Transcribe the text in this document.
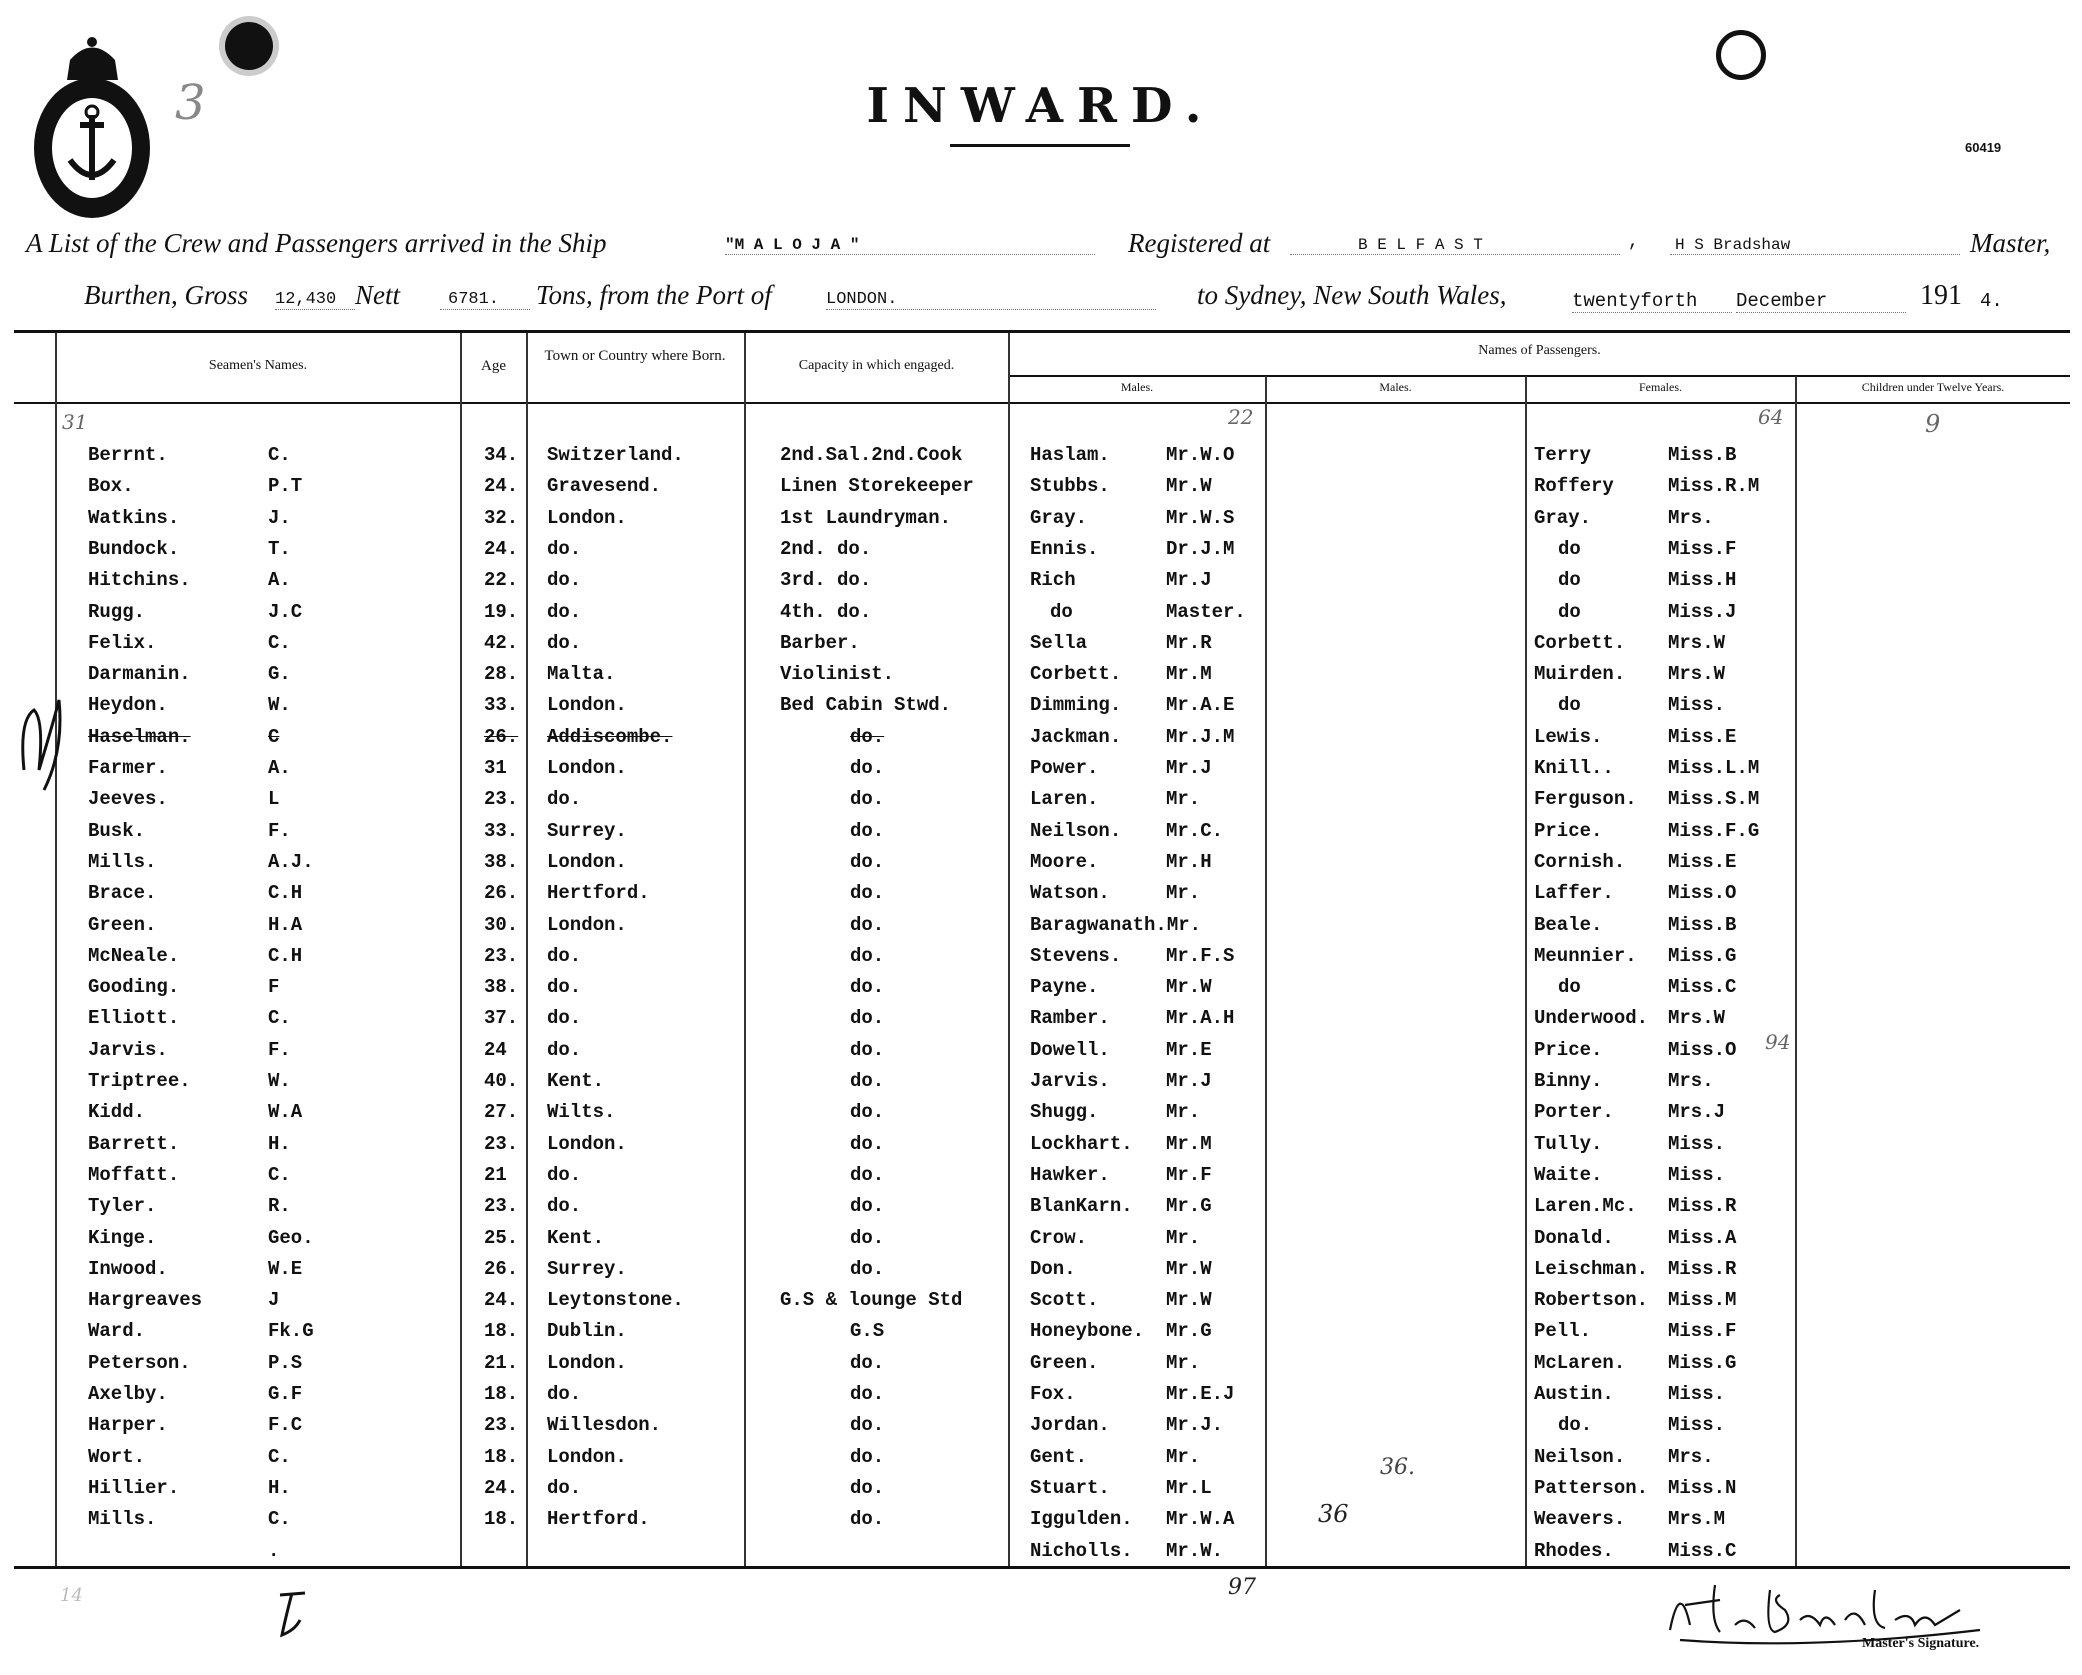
3	INWARD.
60419
A List of the Crew and Passengers arrived in the Ship	"M A L O J A "	Registered at	B E L F A S T	,	H S Bradshaw	Master,
Burthen, Gross 12,430 Nett	6781.	Tons, from the Port of	LONDON.	to Sydney, New South Wales,	twentyforth	December	191 4.
Seamen's Names.	Age
Town or Country where Born.
Capacity in which engaged.
Names of Passengers.
Males.	Males.	Females.	Children under Twelve Years.
31	22	64	9
36.
36
94
97
14
Berrnt.	C.	34. Switzerland.	2nd.Sal.2nd.Cook	Haslam.	Mr.W.O	Terry	Miss.B
Box.	P.T	24. Gravesend.	Linen Storekeeper	Stubbs.	Mr.W	Roffery	Miss.R.M
Watkins.	J.	32. London.	1st Laundryman.	Gray.	Mr.W.S	Gray.	Mrs.
Bundock.	T.	24. do.	2nd. do.	Ennis.	Dr.J.M	do	Miss.F
Hitchins.	A.	22. do.	3rd. do.	Rich	Mr.J	do	Miss.H
Rugg.	J.C	19. do.	4th. do.	do	Master.	do	Miss.J
Felix.	C.	42. do.	Barber.	Sella	Mr.R	Corbett. Mrs.W
Darmanin.	G.	28. Malta.	Violinist.	Corbett. Mr.M	Muirden. Mrs.W
Heydon.	W.	33. London.	Bed Cabin Stwd.	Dimming. Mr.A.E	do	Miss.
Haselman.	C	26. Addiscombe.	do.	Jackman. Mr.J.M	Lewis.	Miss.E
Farmer.	A.	31 London.	do.	Power.	Mr.J	Knill..	Miss.L.M
Jeeves.	L	23. do.	do.	Laren.	Mr.	Ferguson. Miss.S.M
Busk.	F.	33. Surrey.	do.	Neilson. Mr.C.	Price.	Miss.F.G
Mills.	A.J.	38. London.	do.	Moore.	Mr.H	Cornish. Miss.E
Brace.	C.H	26. Hertford.	do.	Watson.	Mr.	Laffer.	Miss.O
Green.	H.A	30. London.	do.	Baragwanath.Mr.	Beale.	Miss.B
McNeale.	C.H	23. do.	do.	Stevens. Mr.F.S	Meunnier. Miss.G
Gooding.	F	38. do.	do.	Payne.	Mr.W	do	Miss.C
Elliott.	C.	37. do.	do.	Ramber.	Mr.A.H	Underwood. Mrs.W
Jarvis.	F.	24 do.	do.	Dowell.	Mr.E	Price.	Miss.O
Triptree.	W.	40. Kent.	do.	Jarvis.	Mr.J	Binny.	Mrs.
Kidd.	W.A	27. Wilts.	do.	Shugg.	Mr.	Porter.	Mrs.J
Barrett.	H.	23. London.	do.	Lockhart. Mr.M	Tully.	Miss.
Moffatt.	C.	21 do.	do.	Hawker.	Mr.F	Waite.	Miss.
Tyler.	R.	23. do.	do.	BlanKarn. Mr.G	Laren.Mc. Miss.R
Kinge.	Geo.	25. Kent.	do.	Crow.	Mr.	Donald.	Miss.A
Inwood.	W.E	26. Surrey.	do.	Don.	Mr.W	Leischman. Miss.R
Hargreaves	J	24. Leytonstone.	G.S & lounge Std	Scott.	Mr.W	Robertson. Miss.M
Ward.	Fk.G	18. Dublin.	G.S	Honeybone. Mr.G	Pell.	Miss.F
Peterson.	P.S	21. London.	do.	Green.	Mr.	McLaren. Miss.G
Axelby.	G.F	18. do.	do.	Fox.	Mr.E.J	Austin.	Miss.
Harper.	F.C	23. Willesdon.	do.	Jordan.	Mr.J.	do.	Miss.
Wort.	C.	18. London.	do.	Gent.	Mr.	Neilson. Mrs.
Hillier.	H.	24. do.	do.	Stuart.	Mr.L	Patterson. Miss.N
Mills.	C.	18. Hertford.	do.	Iggulden. Mr.W.A	Weavers. Mrs.M
.	Nicholls. Mr.W.	Rhodes.	Miss.C
Master's Signature.
